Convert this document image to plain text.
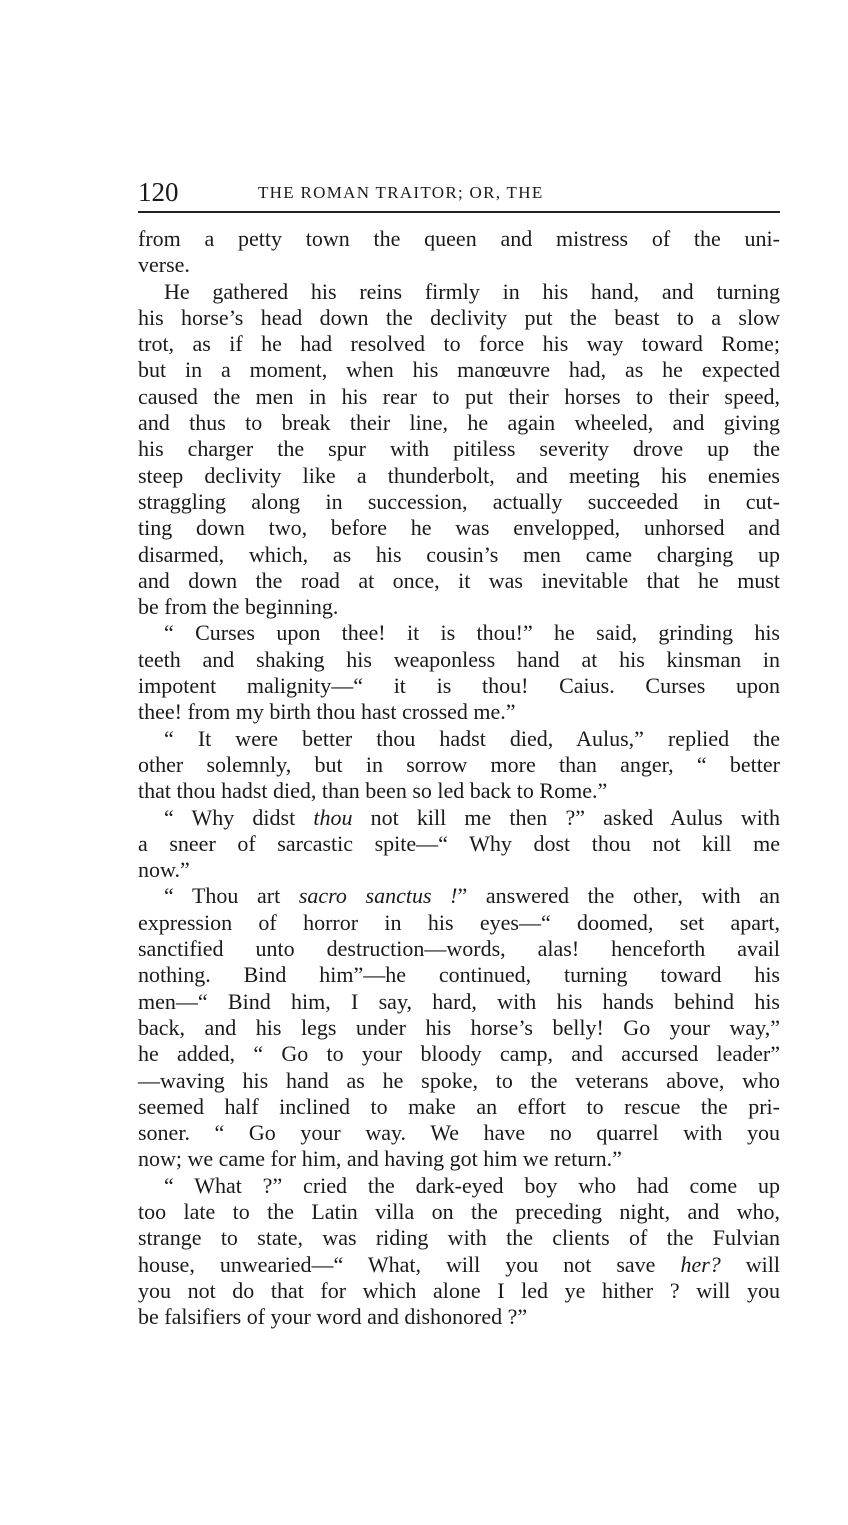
120	THE ROMAN TRAITOR; OR, THE
from a petty town the queen and mistress of the uni-
verse.
He gathered his reins firmly in his hand, and turning
his horse’s head down the declivity put the beast to a slow
trot, as if he had resolved to force his way toward Rome;
but in a moment, when his manœuvre had, as he expected
caused the men in his rear to put their horses to their speed,
and thus to break their line, he again wheeled, and giving
his charger the spur with pitiless severity drove up the
steep declivity like a thunderbolt, and meeting his enemies
straggling along in succession, actually succeeded in cut-
ting down two, before he was envelopped, unhorsed and
disarmed, which, as his cousin’s men came charging up
and down the road at once, it was inevitable that he must
be from the beginning.
“ Curses upon thee! it is thou!” he said, grinding his
teeth and shaking his weaponless hand at his kinsman in
impotent malignity—“ it is thou! Caius. Curses upon
thee! from my birth thou hast crossed me.”
“ It were better thou hadst died, Aulus,” replied the
other solemnly, but in sorrow more than anger, “ better
that thou hadst died, than been so led back to Rome.”
“ Why didst thou not kill me then ?” asked Aulus with
a sneer of sarcastic spite—“ Why dost thou not kill me
now.”
“ Thou art sacro sanctus !” answered the other, with an
expression of horror in his eyes—“ doomed, set apart,
sanctified unto destruction—words, alas! henceforth avail
nothing. Bind him”—he continued, turning toward his
men—“ Bind him, I say, hard, with his hands behind his
back, and his legs under his horse’s belly! Go your way,”
he added, “ Go to your bloody camp, and accursed leader”
—waving his hand as he spoke, to the veterans above, who
seemed half inclined to make an effort to rescue the pri-
soner. “ Go your way. We have no quarrel with you
now; we came for him, and having got him we return.”
“ What ?” cried the dark-eyed boy who had come up
too late to the Latin villa on the preceding night, and who,
strange to state, was riding with the clients of the Fulvian
house, unwearied—“ What, will you not save her? will
you not do that for which alone I led ye hither ? will you
be falsifiers of your word and dishonored ?”
